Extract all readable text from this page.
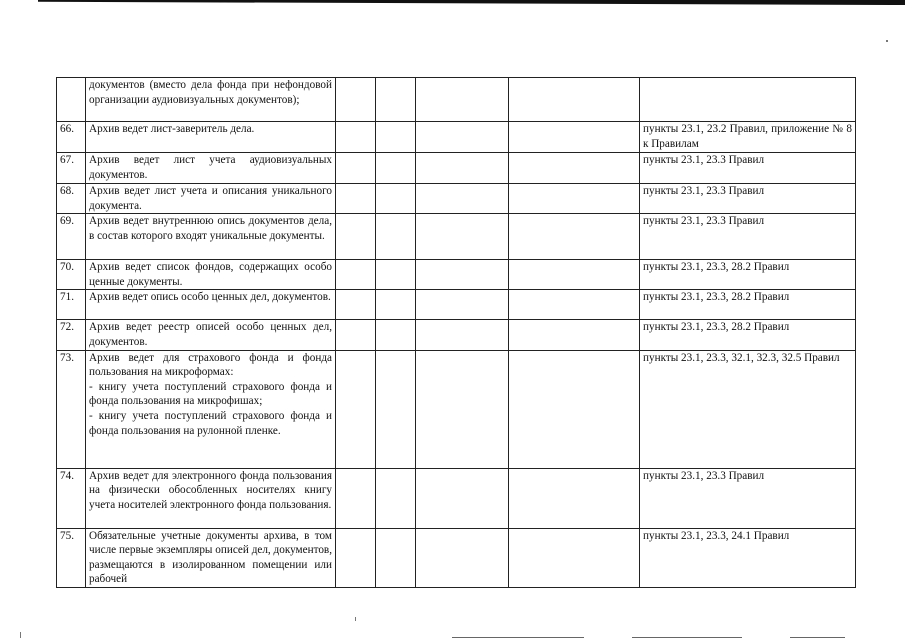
	документов (вместо дела фонда при нефондовой организации аудиовизуальных документов);					
66.	Архив ведет лист-заверитель дела.					пункты 23.1, 23.2 Правил, приложение № 8 к Правилам
67.	Архив ведет лист учета аудиовизуальных документов.					пункты 23.1, 23.3 Правил
68.	Архив ведет лист учета и описания уникального документа.					пункты 23.1, 23.3 Правил
69.	Архив ведет внутреннюю опись документов дела, в состав которого входят уникальные документы.					пункты 23.1, 23.3 Правил
70.	Архив ведет список фондов, содержащих особо ценные документы.					пункты 23.1, 23.3, 28.2 Правил
71.	Архив ведет опись особо ценных дел, документов.					пункты 23.1, 23.3, 28.2 Правил
72.	Архив ведет реестр описей особо ценных дел, документов.					пункты 23.1, 23.3, 28.2 Правил
73.	Архив ведет для страхового фонда и фонда пользования на микроформах:
- книгу учета поступлений страхового фонда и фонда пользования на микрофишах;
- книгу учета поступлений страхового фонда и фонда пользования на рулонной пленке.					пункты 23.1, 23.3, 32.1, 32.3, 32.5 Правил
74.	Архив ведет для электронного фонда пользования на физически обособленных носителях книгу учета носителей электронного фонда пользования.					пункты 23.1, 23.3 Правил
75.	Обязательные учетные документы архива, в том числе первые экземпляры описей дел, документов, размещаются в изолированном помещении или рабочей					пункты 23.1, 23.3, 24.1 Правил
